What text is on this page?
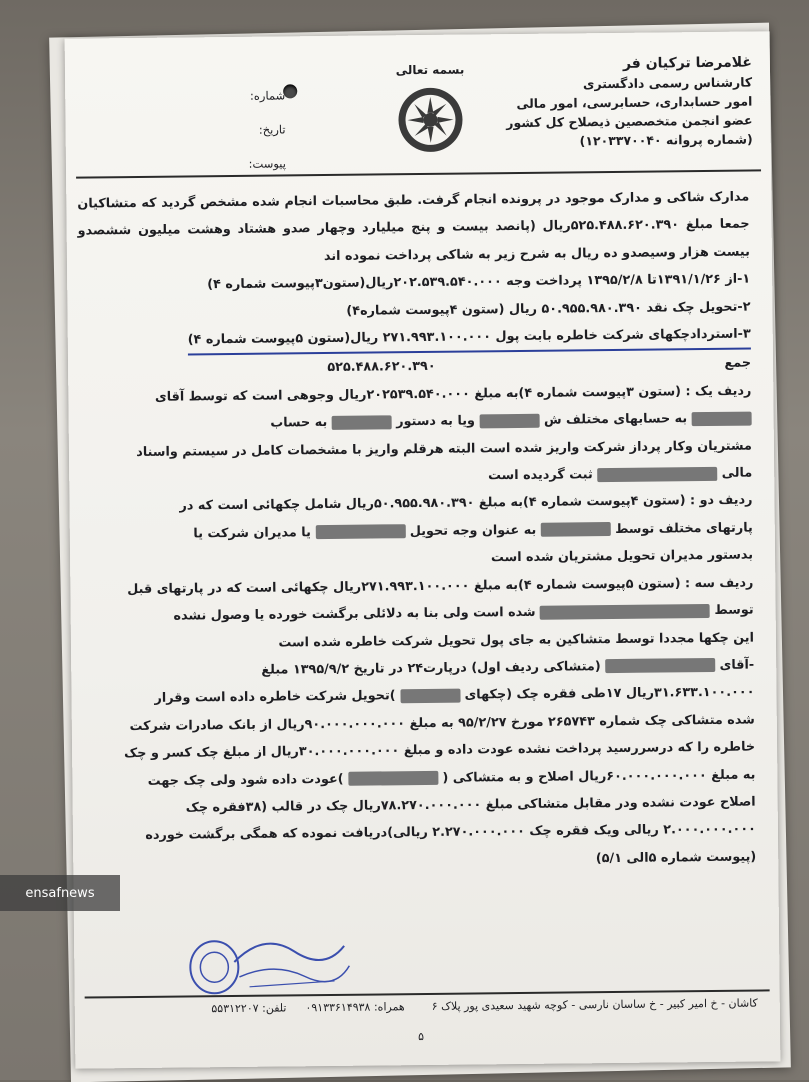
غلامرضا ترکیان فر
کارشناس رسمی دادگستری
امور حسابداری، حسابرسی، امور مالی
عضو انجمن متخصصین ذیصلاح کل کشور
(شماره پروانه ۱۲۰۳۳۷۰۰۴۰)
بسمه تعالی
شماره:
تاریخ:
پیوست:

مدارک شاکی و مدارک موجود در پرونده انجام گرفت. طبق محاسبات انجام شده مشخص گردید که متشاکیان جمعا مبلغ ۵۲۵.۴۸۸.۶۲۰.۳۹۰ریال (پانصد بیست و پنج میلیارد وچهار صدو هشتاد وهشت میلیون ششصدو بیست هزار وسیصدو ده ریال به شرح زیر به شاکی پرداخت نموده اند

۱-از ۱۳۹۱/۱/۲۶تا ۱۳۹۵/۲/۸ پرداخت وجه ۲۰۲.۵۳۹.۵۴۰.۰۰۰ریال(ستون۳پیوست شماره ۴)

۲-تحویل چک نقد ۵۰.۹۵۵.۹۸۰.۳۹۰ ریال (ستون ۴پیوست شماره۴)

۳-استردادچکهای شرکت خاطره بابت پول ۲۷۱.۹۹۳.۱۰۰.۰۰۰ ریال(ستون ۵پیوست شماره ۴)

جمع  ۵۲۵.۴۸۸.۶۲۰.۳۹۰

ردیف یک : (ستون ۳پیوست شماره ۴)به مبلغ ۲۰۲۵۳۹.۵۴۰.۰۰۰ریال وجوهی است که توسط آقای

به حسابهای مختلف ش  ویا به دستور  به حساب

مشتریان وکار پرداز شرکت واریز شده است البته هرقلم واریز با مشخصات کامل در سیستم واسناد

مالی  ثبت گردیده است

ردیف دو : (ستون ۴پیوست شماره ۴)به مبلغ ۵۰.۹۵۵.۹۸۰.۳۹۰ریال شامل چکهائی است که در

پارتهای مختلف توسط  به عنوان وجه تحویل  یا مدیران شرکت یا

بدستور مدیران تحویل مشتریان شده است

ردیف سه : (ستون ۵پیوست شماره ۴)به مبلغ ۲۷۱.۹۹۳.۱۰۰.۰۰۰ریال چکهائی است که در پارتهای قبل

توسط  شده است ولی بنا به دلائلی برگشت خورده یا وصول نشده

این چکها مجددا توسط متشاکین به جای پول تحویل شرکت خاطره شده است

-آقای  (متشاکی ردیف اول) درپارت۲۴ در تاریخ ۱۳۹۵/۹/۲ مبلغ

۳۱.۶۳۳.۱۰۰.۰۰۰ریال ۱۷طی فقره چک (چکهای  )تحویل شرکت خاطره داده است وقرار

شده متشاکی چک شماره ۲۶۵۷۴۳ مورخ ۹۵/۲/۲۷ به مبلغ ۹۰.۰۰۰.۰۰۰.۰۰۰ریال از بانک صادرات شرکت

خاطره را که درسررسید پرداخت نشده عودت داده و مبلغ ۳۰.۰۰۰.۰۰۰.۰۰۰ریال از مبلغ چک کسر و چک

به مبلغ ۶۰.۰۰۰.۰۰۰.۰۰۰ریال اصلاح و به متشاکی (  )عودت داده شود ولی چک جهت

اصلاح عودت نشده ودر مقابل متشاکی مبلغ ۷۸.۲۷۰.۰۰۰.۰۰۰ریال چک در قالب (۳۸فقره چک

۲.۰۰۰.۰۰۰.۰۰۰ ریالی ویک فقره چک ۲.۲۷۰.۰۰۰.۰۰۰ ریالی)دریافت نموده که همگی برگشت خورده

(پیوست شماره ۵الی ۵/۱)

کاشان - خ امیر کبیر - خ ساسان نارسی - کوچه شهید سعیدی پور پلاک ۶  همراه: ۰۹۱۳۳۶۱۴۹۳۸  تلفن: ۵۵۳۱۲۲۰۷
۵
ensafnews
